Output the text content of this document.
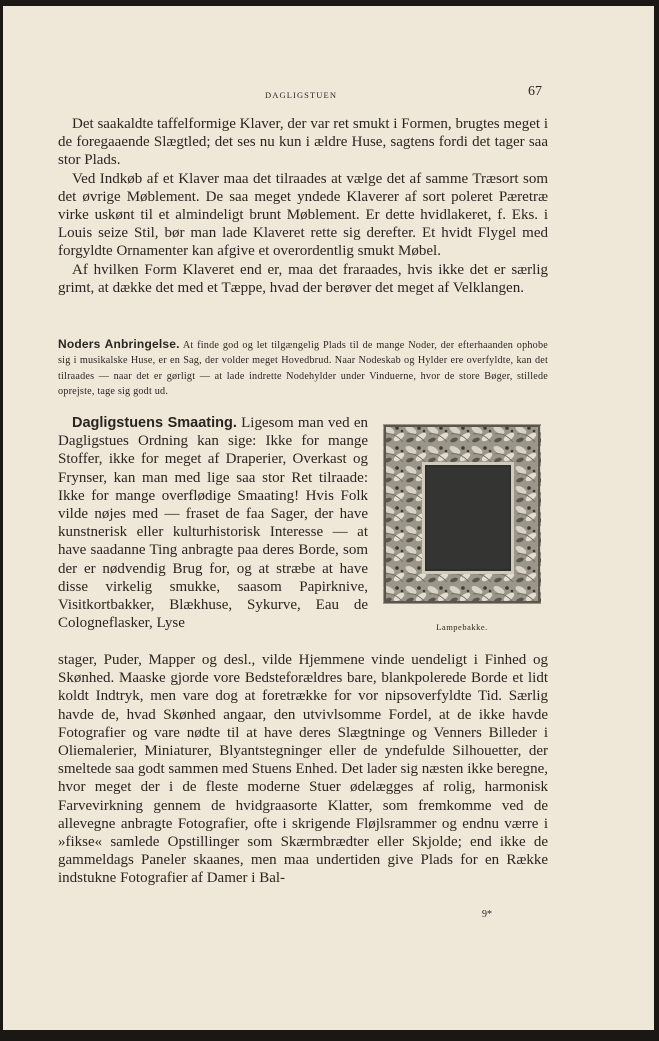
DAGLIGSTUEN	67

Det saakaldte taffelformige Klaver, der var ret smukt i Formen, brugtes meget i de foregaaende Slægtled; det ses nu kun i ældre Huse, sagtens fordi det tager saa stor Plads.

Ved Indkøb af et Klaver maa det tilraades at vælge det af samme Træsort som det øvrige Møblement. De saa meget yndede Klaverer af sort poleret Pæretræ virke uskønt til et almindeligt brunt Møblement. Er dette hvidlakeret, f. Eks. i Louis seize Stil, bør man lade Klaveret rette sig derefter. Et hvidt Flygel med forgyldte Ornamenter kan afgive et overordentlig smukt Møbel.

Af hvilken Form Klaveret end er, maa det fraraades, hvis ikke det er særlig grimt, at dække det med et Tæppe, hvad der berøver det meget af Velklangen.

Noders Anbringelse. At finde god og let tilgængelig Plads til de mange Noder, der efterhaanden ophobe sig i musikalske Huse, er en Sag, der volder meget Hovedbrud. Naar Nodeskab og Hylder ere overfyldte, kan det tilraades — naar det er gørligt — at lade indrette Nodehylder under Vinduerne, hvor de store Bøger, stillede oprejste, tage sig godt ud.

Dagligstuens Smaating. Ligesom man ved en Dagligstues Ordning kan sige: Ikke for mange Stoffer, ikke for meget af Draperier, Overkast og Frynser, kan man med lige saa stor Ret tilraade: Ikke for mange overflødige Smaating! Hvis Folk vilde nøjes med — fraset de faa Sager, der have kunstnerisk eller kulturhistorisk Interesse — at have saadanne Ting anbragte paa deres Borde, som der er nødvendig Brug for, og at stræbe at have disse virkelig smukke, saasom Papirknive, Visitkortbakker, Blækhuse, Sykurve, Eau de Cologneflasker, Lyse

stager, Puder, Mapper og desl., vilde Hjemmene vinde uendeligt i Finhed og Skønhed. Maaske gjorde vore Bedsteforældres bare, blankpolerede Borde et lidt koldt Indtryk, men vare dog at foretrække for vor nipsoverfyldte Tid. Særlig havde de, hvad Skønhed angaar, den utvivlsomme Fordel, at de ikke havde Fotografier og vare nødte til at have deres Slægtninge og Venners Billeder i Oliemalerier, Miniaturer, Blyantstegninger eller de yndefulde Silhouetter, der smeltede saa godt sammen med Stuens Enhed. Det lader sig næsten ikke beregne, hvor meget der i de fleste moderne Stuer ødelægges af rolig, harmonisk Farvevirkning gennem de hvidgraasorte Klatter, som fremkomme ved de allevegne anbragte Fotografier, ofte i skrigende Fløjlsrammer og endnu værre i »fikse« samlede Opstillinger som Skærmbrædter eller Skjolde; end ikke de gammeldags Paneler skaanes, men maa undertiden give Plads for en Række indstukne Fotografier af Damer i Bal-

Lampebakke.
9*
